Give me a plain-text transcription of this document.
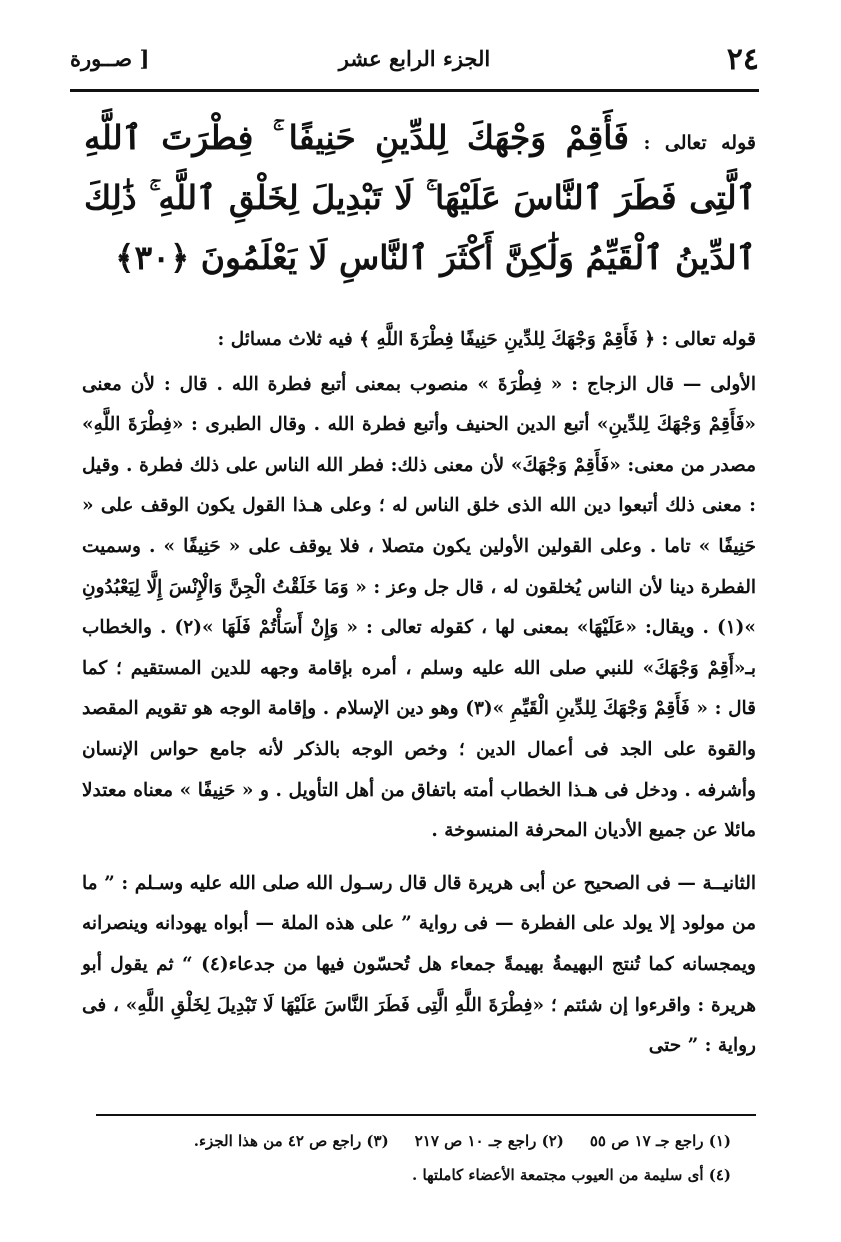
٢٤
الجزء الرابع عشر
[ صــورة
قوله تعالى : فَأَقِمْ وَجْهَكَ لِلدِّينِ حَنِيفًا ۚ فِطْرَتَ ٱللَّهِ ٱلَّتِى فَطَرَ ٱلنَّاسَ عَلَيْهَا ۚ لَا تَبْدِيلَ لِخَلْقِ ٱللَّهِ ۚ ذَٰلِكَ ٱلدِّينُ ٱلْقَيِّمُ وَلَٰكِنَّ أَكْثَرَ ٱلنَّاسِ لَا يَعْلَمُونَ ﴿٣٠﴾

قوله تعالى : ﴿ فَأَقِمْ وَجْهَكَ لِلدِّينِ حَنِيفًا فِطْرَةَ اللَّهِ ﴾ فيه ثلاث مسائل :

الأولى — قال الزجاج : « فِطْرَةَ » منصوب بمعنى أتبع فطرة الله . قال : لأن معنى «فَأَقِمْ وَجْهَكَ لِلدِّينِ» أتبع الدين الحنيف وأتبع فطرة الله . وقال الطبرى : «فِطْرَةَ اللَّهِ» مصدر من معنى: «فَأَقِمْ وَجْهَكَ» لأن معنى ذلك: فطر الله الناس على ذلك فطرة . وقيل : معنى ذلك أتبعوا دين الله الذى خلق الناس له ؛ وعلى هـذا القول يكون الوقف على « حَنِيفًا » تاما . وعلى القولين الأولين يكون متصلا ، فلا يوقف على « حَنِيفًا » . وسميت الفطرة دينا لأن الناس يُخلقون له ، قال جل وعز : « وَمَا خَلَقْتُ الْجِنَّ وَالْإِنْسَ إِلَّا لِيَعْبُدُونِ »(١) . ويقال: «عَلَيْهَا» بمعنى لها ، كقوله تعالى : « وَإِنْ أَسَأْتُمْ فَلَهَا »(٢) . والخطاب بـ«أَقِمْ وَجْهَكَ» للنبي صلى الله عليه وسلم ، أمره بإقامة وجهه للدين المستقيم ؛ كما قال : « فَأَقِمْ وَجْهَكَ لِلدِّينِ الْقَيِّمِ »(٣) وهو دين الإسلام . وإقامة الوجه هو تقويم المقصد والقوة على الجد فى أعمال الدين ؛ وخص الوجه بالذكر لأنه جامع حواس الإنسان وأشرفه . ودخل فى هـذا الخطاب أمته باتفاق من أهل التأويل . و « حَنِيفًا » معناه معتدلا مائلا عن جميع الأديان المحرفة المنسوخة .

الثانيــة — فى الصحيح عن أبى هريرة قال قال رسـول الله صلى الله عليه وسـلم : ” ما من مولود إلا يولد على الفطرة — فى رواية ” على هذه الملة — أبواه يهودانه وينصرانه ويمجسانه كما تُنتج البهيمةُ بهيمةً جمعاء هل تُحسّون فيها من جدعاء(٤) “ ثم يقول أبو هريرة : واقرءوا إن شئتم ؛ «فِطْرَةَ اللَّهِ الَّتِى فَطَرَ النَّاسَ عَلَيْهَا لَا تَبْدِيلَ لِخَلْقِ اللَّهِ» ، فى رواية : ” حتى

(١) راجع جـ ١٧ ص ٥٥(٢) راجع جـ ١٠ ص ٢١٧(٣) راجع ص ٤٢ من هذا الجزء.

(٤) أى سليمة من العيوب مجتمعة الأعضاء كاملتها .
